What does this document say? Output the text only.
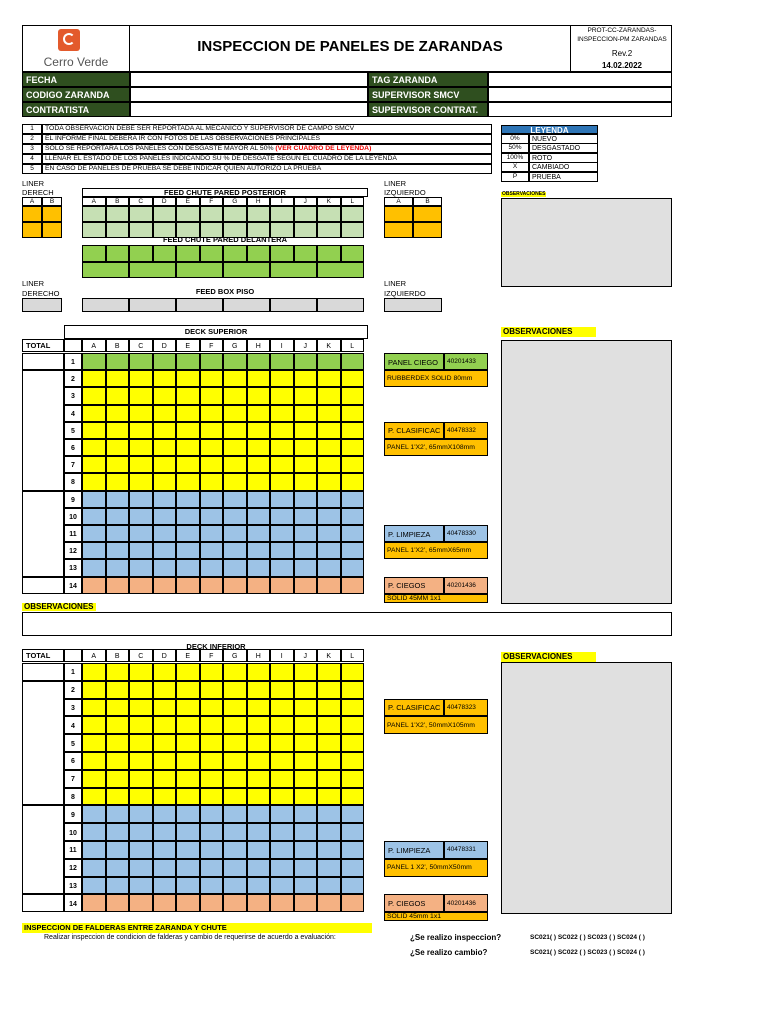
Cerro Verde
INSPECCION DE PANELES DE ZARANDAS
PROT-CC-ZARANDAS-
INSPECCION-PM ZARANDAS
Rev.2
14.02.2022
FECHA	TAG ZARANDA
CODIGO ZARANDA	SUPERVISOR SMCV
CONTRATISTA	SUPERVISOR CONTRAT.
1	TODA OBSERVACION DEBE SER REPORTADA AL MECANICO Y SUPERVISOR DE CAMPO SMCV
2	EL INFORME FINAL DEBERA IR CON FOTOS DE LAS OBSERVACIONES PRINCIPALES
3	SOLO SE REPORTARA LOS PANELES CON DESGASTE MAYOR AL 50% (VER CUADRO DE LEYENDA)
4	LLENAR EL ESTADO DE LOS PANELES INDICANDO SU % DE DESGATE SEGÚN EL CUADRO DE LA LEYENDA
5	EN CASO DE PANELES DE PRUEBA SE DEBE INDICAR QUIEN AUTORIZO LA PRUEBA
LEYENDA
0%	NUEVO
50%	DESGASTADO
100%	ROTO
X	CAMBIADO
P	PRUEBA
LINER
DERECH
LINER
IZQUIERDO
FEED CHUTE PARED POSTERIOR	OBSERVACIONES
A	B	C	D	E	F	G	H	I	J	K	L
A	A
B	B
FEED CHUTE PARED DELANTERA
LINER
DERECHO
LINER
IZQUIERDO
FEED BOX PISO
DECK SUPERIOR	OBSERVACIONES
TOTAL	A	B	C	D	E	F	G	H	I	J	K	L
1
2
3
4
5
6
7
8
9
10
11
12
13
14
PANEL CIEGO	40201433
RUBBERDEX SOLID 80mm
P. CLASIFICAC	40478332
PANEL 1'X2', 65mmX108mm
P. LIMPIEZA	40478330
PANEL 1'X2', 65mmX65mm
P. CIEGOS	40201436
SOLID 45MM 1x1
OBSERVACIONES
DECK INFERIOR
OBSERVACIONES
TOTAL	A	B	C	D	E	F	G	H	I	J	K	L
1
2
3
4
5
6
7
8
9
10
11
12
13
14
P. CLASIFICAC	40478323
PANEL 1'X2', 50mmX105mm
P. LIMPIEZA	40478331
PANEL 1 X2', 50mmX50mm
P. CIEGOS	40201436
SOLID 45mm 1x1
INSPECCION DE FALDERAS ENTRE ZARANDA Y CHUTE
Realizar inspeccion de condicion de falderas y cambio de requerirse de acuerdo a evaluación:	¿Se realizo inspeccion?	SC021( ) SC022 ( ) SC023 ( ) SC024 ( )
¿Se realizo cambio?	SC021( ) SC022 ( ) SC023 ( ) SC024 ( )
